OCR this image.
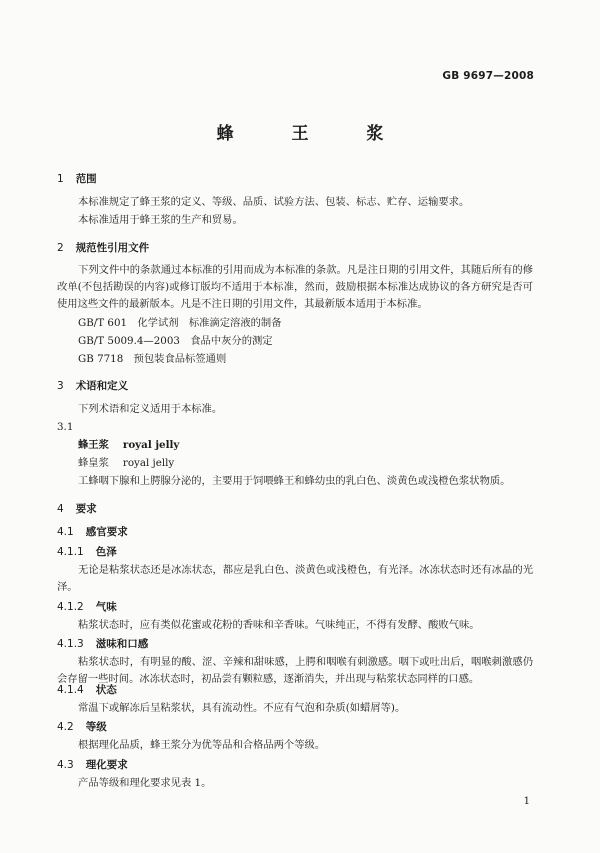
GB 9697—2008
蜂 王 浆
1 范围
本标准规定了蜂王浆的定义、等级、品质、试验方法、包装、标志、贮存、运输要求。
本标准适用于蜂王浆的生产和贸易。
2 规范性引用文件
下列文件中的条款通过本标准的引用而成为本标准的条款。凡是注日期的引用文件，其随后所有的修改单(不包括勘误的内容)或修订版均不适用于本标准，然而，鼓励根据本标准达成协议的各方研究是否可使用这些文件的最新版本。凡是不注日期的引用文件，其最新版本适用于本标准。
GB/T 601　化学试剂　标准滴定溶液的制备
GB/T 5009.4—2003　食品中灰分的测定
GB 7718　预包装食品标签通则
3 术语和定义
下列术语和定义适用于本标准。
3.1
蜂王浆 royal jelly
蜂皇浆 royal jelly
工蜂咽下腺和上腭腺分泌的，主要用于饲喂蜂王和蜂幼虫的乳白色、淡黄色或浅橙色浆状物质。
4 要求
4.1 感官要求
4.1.1 色泽
无论是粘浆状态还是冰冻状态，都应是乳白色、淡黄色或浅橙色，有光泽。冰冻状态时还有冰晶的光泽。
4.1.2 气味
粘浆状态时，应有类似花蜜或花粉的香味和辛香味。气味纯正，不得有发酵、酸败气味。
4.1.3 滋味和口感
粘浆状态时，有明显的酸、涩、辛辣和甜味感，上腭和咽喉有刺激感。咽下或吐出后，咽喉刺激感仍会存留一些时间。冰冻状态时，初品尝有颗粒感，逐渐消失，并出现与粘浆状态同样的口感。
4.1.4 状态
常温下或解冻后呈粘浆状，具有流动性。不应有气泡和杂质(如蜡屑等)。
4.2 等级
根据理化品质，蜂王浆分为优等品和合格品两个等级。
4.3 理化要求
产品等级和理化要求见表 1。
1
